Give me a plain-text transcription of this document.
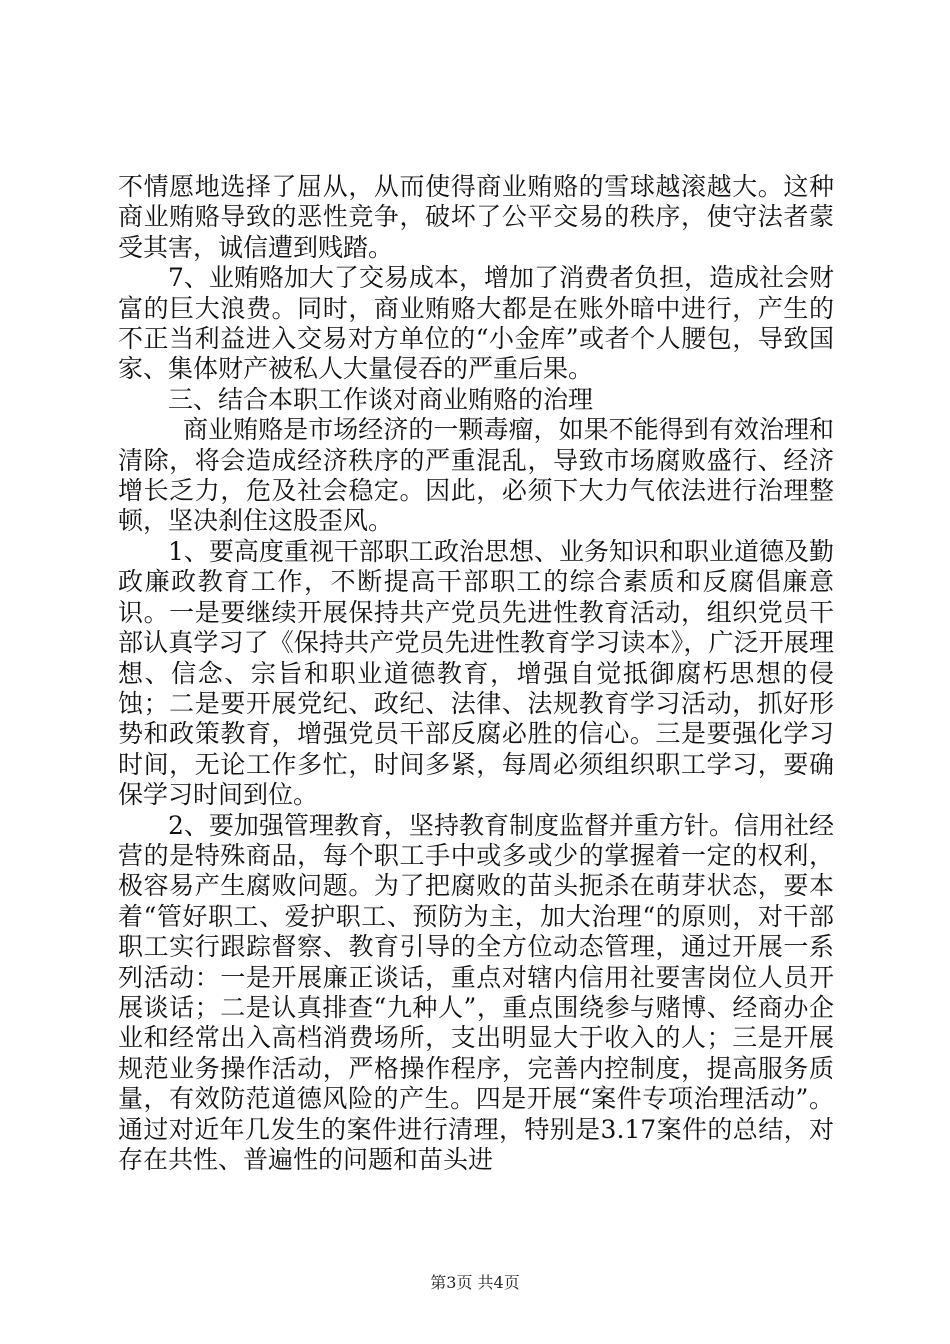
不情愿地选择了屈从，从而使得商业贿赂的雪球越滚越大。这种商业贿赂导致的恶性竞争，破坏了公平交易的秩序，使守法者蒙受其害，诚信遭到贱踏。

7、业贿赂加大了交易成本，增加了消费者负担，造成社会财富的巨大浪费。同时，商业贿赂大都是在账外暗中进行，产生的不正当利益进入交易对方单位的“小金库”或者个人腰包，导致国家、集体财产被私人大量侵吞的严重后果。

三、结合本职工作谈对商业贿赂的治理

商业贿赂是市场经济的一颗毒瘤，如果不能得到有效治理和清除，将会造成经济秩序的严重混乱，导致市场腐败盛行、经济增长乏力，危及社会稳定。因此，必须下大力气依法进行治理整顿，坚决刹住这股歪风。

1、要高度重视干部职工政治思想、业务知识和职业道德及勤政廉政教育工作，不断提高干部职工的综合素质和反腐倡廉意识。一是要继续开展保持共产党员先进性教育活动，组织党员干部认真学习了《保持共产党员先进性教育学习读本》，广泛开展理想、信念、宗旨和职业道德教育，增强自觉抵御腐朽思想的侵蚀；二是要开展党纪、政纪、法律、法规教育学习活动，抓好形势和政策教育，增强党员干部反腐必胜的信心。三是要强化学习时间，无论工作多忙，时间多紧，每周必须组织职工学习，要确保学习时间到位。

2、要加强管理教育，坚持教育制度监督并重方针。信用社经营的是特殊商品，每个职工手中或多或少的掌握着一定的权利，极容易产生腐败问题。为了把腐败的苗头扼杀在萌芽状态，要本着“管好职工、爱护职工、预防为主，加大治理“的原则，对干部职工实行跟踪督察、教育引导的全方位动态管理，通过开展一系列活动：一是开展廉正谈话，重点对辖内信用社要害岗位人员开展谈话；二是认真排查“九种人”，重点围绕参与赌博、经商办企业和经常出入高档消费场所，支出明显大于收入的人；三是开展规范业务操作活动，严格操作程序，完善内控制度，提高服务质量，有效防范道德风险的产生。四是开展“案件专项治理活动”。通过对近年几发生的案件进行清理，特别是3.17案件的总结，对存在共性、普遍性的问题和苗头进

第3页 共4页
